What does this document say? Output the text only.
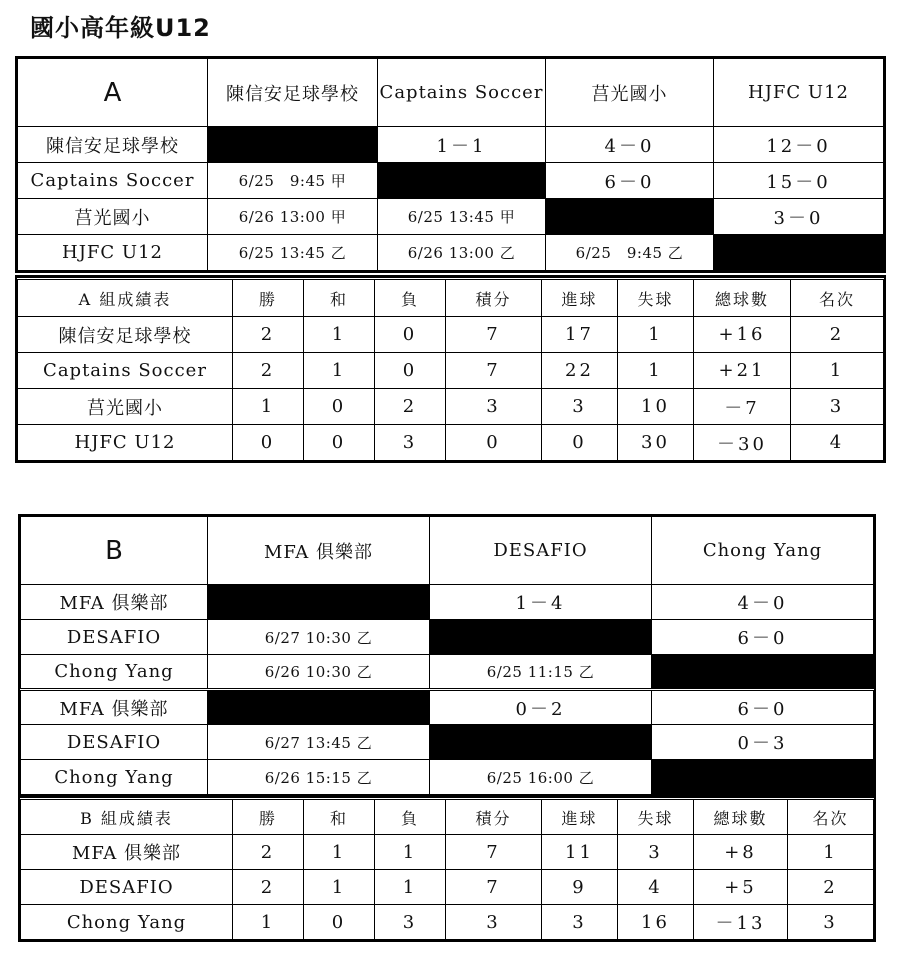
國小高年級U12
A	陳信安足球學校	Captains Soccer	莒光國小	HJFC U12
陳信安足球學校		1－1	4－0	12－0
Captains Soccer	6/25　9:45 甲		6－0	15－0
莒光國小	6/26 13:00 甲	6/25 13:45 甲		3－0
HJFC U12	6/25 13:45 乙	6/26 13:00 乙	6/25　9:45 乙	
A 組成績表	勝	和	負	積分	進球	失球	總球數	名次
陳信安足球學校	2	1	0	7	17	1	+16	2
Captains Soccer	2	1	0	7	22	1	+21	1
莒光國小	1	0	2	3	3	10	－7	3
HJFC U12	0	0	3	0	0	30	－30	4
B	MFA 俱樂部	DESAFIO	Chong Yang
MFA 俱樂部		1－4	4－0
DESAFIO	6/27 10:30 乙		6－0
Chong Yang	6/26 10:30 乙	6/25 11:15 乙	
MFA 俱樂部		0－2	6－0
DESAFIO	6/27 13:45 乙		0－3
Chong Yang	6/26 15:15 乙	6/25 16:00 乙	
B 組成績表	勝	和	負	積分	進球	失球	總球數	名次
MFA 俱樂部	2	1	1	7	11	3	+8	1
DESAFIO	2	1	1	7	9	4	+5	2
Chong Yang	1	0	3	3	3	16	－13	3
